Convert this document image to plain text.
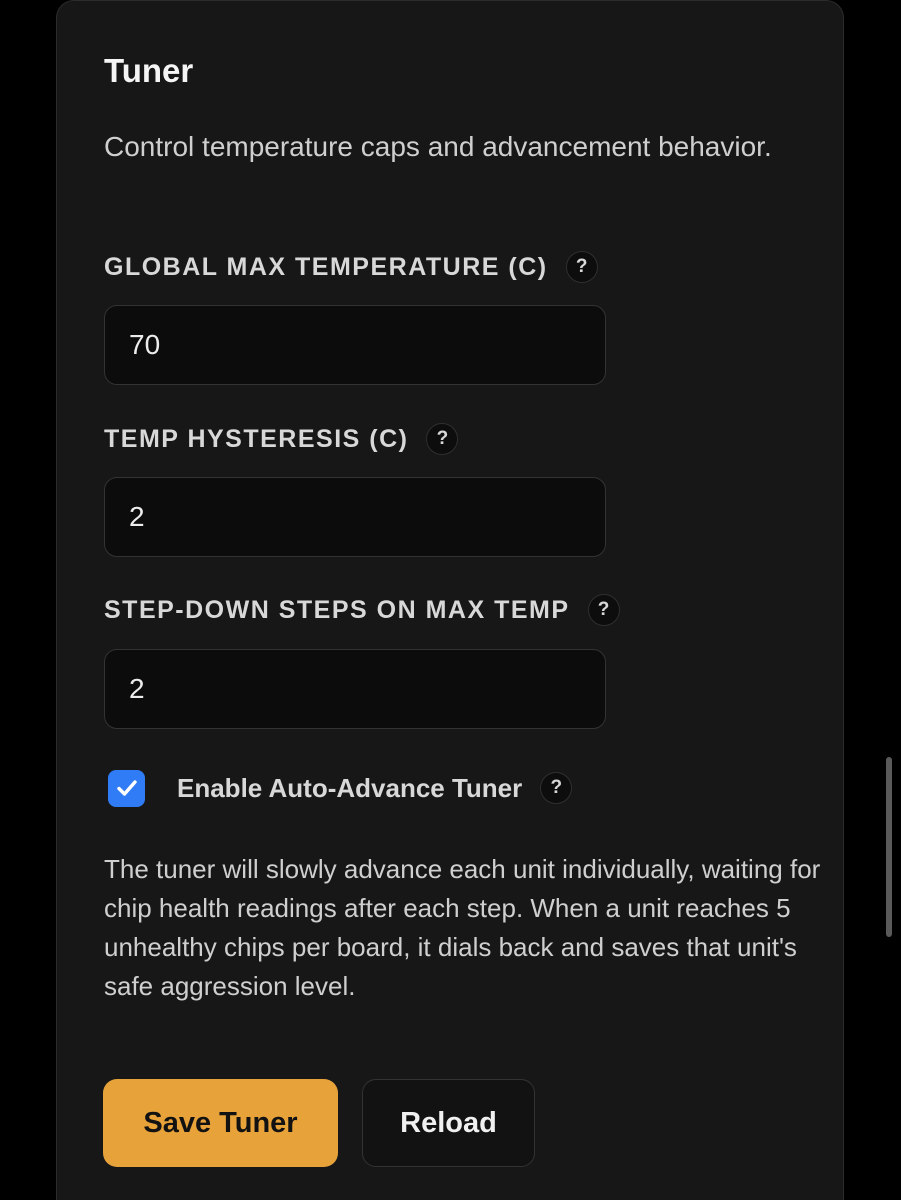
Tuner

Control temperature caps and advancement behavior.

GLOBAL MAX TEMPERATURE (C)	?
70
TEMP HYSTERESIS (C)	?
2
STEP-DOWN STEPS ON MAX TEMP	?
2
Enable Auto-Advance Tuner	?

The tuner will slowly advance each unit individually, waiting for chip health readings after each step. When a unit reaches 5 unhealthy chips per board, it dials back and saves that unit's safe aggression level.

Save Tuner	Reload
